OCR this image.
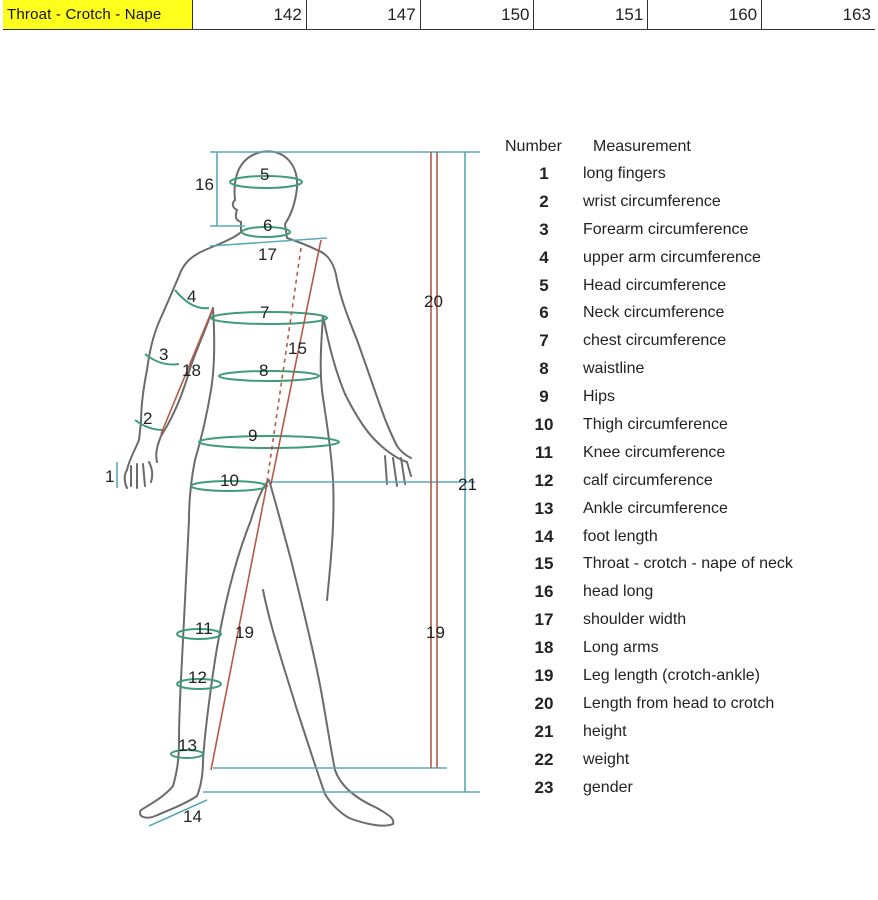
Throat - Crotch - Nape	142	147	150	151	160	163
1
2
3
4
5
6
7
8
9
10
11
12
13
14
15
16
17
18
19	19
20
21
Number	Measurement
1	long fingers
2	wrist circumference
3	Forearm circumference
4	upper arm circumference
5	Head circumference
6	Neck circumference
7	chest circumference
8	waistline
9	Hips
10	Thigh circumference
11	Knee circumference
12	calf circumference
13	Ankle circumference
14	foot length
15	Throat - crotch - nape of neck
16	head long
17	shoulder width
18	Long arms
19	Leg length (crotch-ankle)
20	Length from head to crotch
21	height
22	weight
23	gender
